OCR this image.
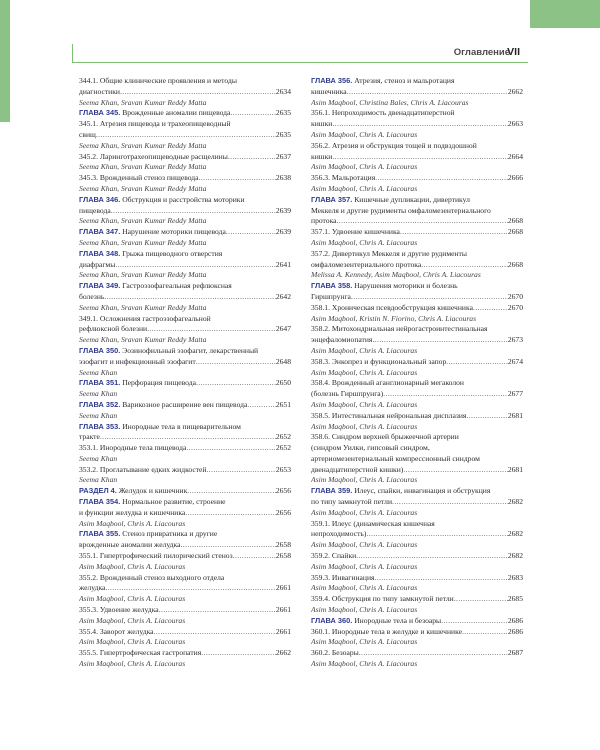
Оглавление
VII
344.1. Общие клинические проявления и методы
диагностики .....	2634
Seema Khan, Sravan Kumar Reddy Matta
ГЛАВА 345. Врожденные аномалии пищевода .....	2635
345.1. Атрезия пищевода и трахеопищеводный
свищ .....	2635
Seema Khan, Sravan Kumar Reddy Matta
345.2. Ларинготрахеопищеводные расщелины .....	2637
Seema Khan, Sravan Kumar Reddy Matta
345.3. Врожденный стеноз пищевода .....	2638
Seema Khan, Sravan Kumar Reddy Matta
ГЛАВА 346. Обструкция и расстройства моторики
пищевода .....	2639
Seema Khan, Sravan Kumar Reddy Matta
ГЛАВА 347. Нарушение моторики пищевода .....	2639
Seema Khan, Sravan Kumar Reddy Matta
ГЛАВА 348. Грыжа пищеводного отверстия
диафрагмы .....	2641
Seema Khan, Sravan Kumar Reddy Matta
ГЛАВА 349. Гастроэзофагеальная рефлюксная
болезнь .....	2642
Seema Khan, Sravan Kumar Reddy Matta
349.1. Осложнения гастроэзофагеальной
рефлюксной болезни .....	2647
Seema Khan, Sravan Kumar Reddy Matta
ГЛАВА 350. Эозинофильный эзофагит, лекарственный
эзофагит и инфекционный эзофагит .....	2648
Seema Khan
ГЛАВА 351. Перфорация пищевода .....	2650
Seema Khan
ГЛАВА 352. Варикозное расширение вен пищевода .....	2651
Seema Khan
ГЛАВА 353. Инородные тела в пищеварительном
тракте .....	2652
353.1. Инородные тела пищевода .....	2652
Seema Khan
353.2. Проглатывание едких жидкостей .....	2653
Seema Khan
РАЗДЕЛ 4. Желудок и кишечник .....	2656
ГЛАВА 354. Нормальное развитие, строение
и функции желудка и кишечника .....	2656
Asim Maqbool, Chris A. Liacouras
ГЛАВА 355. Стеноз привратника и другие
врожденные аномалии желудка .....	2658
355.1. Гипертрофический пилорический стеноз .....	2658
Asim Maqbool, Chris A. Liacouras
355.2. Врожденный стеноз выходного отдела
желудка .....	2661
Asim Maqbool, Chris A. Liacouras
355.3. Удвоение желудка .....	2661
Asim Maqbool, Chris A. Liacouras
355.4. Заворот желудка .....	2661
Asim Maqbool, Chris A. Liacouras
355.5. Гипертрофическая гастропатия .....	2662
Asim Maqbool, Chris A. Liacouras
ГЛАВА 356. Атрезия, стеноз и мальротация
кишечника .....	2662
Asim Maqbool, Christina Bales, Chris A. Liacouras
356.1. Непроходимость двенадцатиперстной
кишки .....	2663
Asim Maqbool, Chris A. Liacouras
356.2. Атрезия и обструкция тощей и подвздошной
кишки .....	2664
Asim Maqbool, Chris A. Liacouras
356.3. Мальротация .....	2666
Asim Maqbool, Chris A. Liacouras
ГЛАВА 357. Кишечные дупликации, дивертикул
Меккеля и другие рудименты омфаломезентериального
протока .....	2668
357.1. Удвоение кишечника .....	2668
Asim Maqbool, Chris A. Liacouras
357.2. Дивертикул Меккеля и другие рудименты
омфаломезентериального протока .....	2668
Melissa A. Kennedy, Asim Maqbool, Chris A. Liacouras
ГЛАВА 358. Нарушения моторики и болезнь
Гиршпрунга .....	2670
358.1. Хроническая псевдообструкция кишечника .....	2670
Asim Maqbool, Kristin N. Fiorino, Chris A. Liacouras
358.2. Митохондриальная нейрогастроинтестинальная
энцефаломиопатия .....	2673
Asim Maqbool, Chris A. Liacouras
358.3. Энкопрез и функциональный запор .....	2674
Asim Maqbool, Chris A. Liacouras
358.4. Врожденный аганглионарный мегаколон
(болезнь Гиршпрунга) .....	2677
Asim Maqbool, Chris A. Liacouras
358.5. Интестинальная нейрональная дисплазия .....	2681
Asim Maqbool, Chris A. Liacouras
358.6. Синдром верхней брыжеечной артерии
(синдром Уилки, гипсовый синдром,
артериомезентериальный компрессионный синдром
двенадцатиперстной кишки) .....	2681
Asim Maqbool, Chris A. Liacouras
ГЛАВА 359. Илеус, спайки, инвагинация и обструкция
по типу замкнутой петли .....	2682
Asim Maqbool, Chris A. Liacouras
359.1. Илеус (динамическая кишечная
непроходимость) .....	2682
Asim Maqbool, Chris A. Liacouras
359.2. Спайки .....	2682
Asim Maqbool, Chris A. Liacouras
359.3. Инвагинация .....	2683
Asim Maqbool, Chris A. Liacouras
359.4. Обструкция по типу замкнутой петли .....	2685
Asim Maqbool, Chris A. Liacouras
ГЛАВА 360. Инородные тела и безоары .....	2686
360.1. Инородные тела в желудке и кишечнике .....	2686
Asim Maqbool, Chris A. Liacouras
360.2. Безоары .....	2687
Asim Maqbool, Chris A. Liacouras
